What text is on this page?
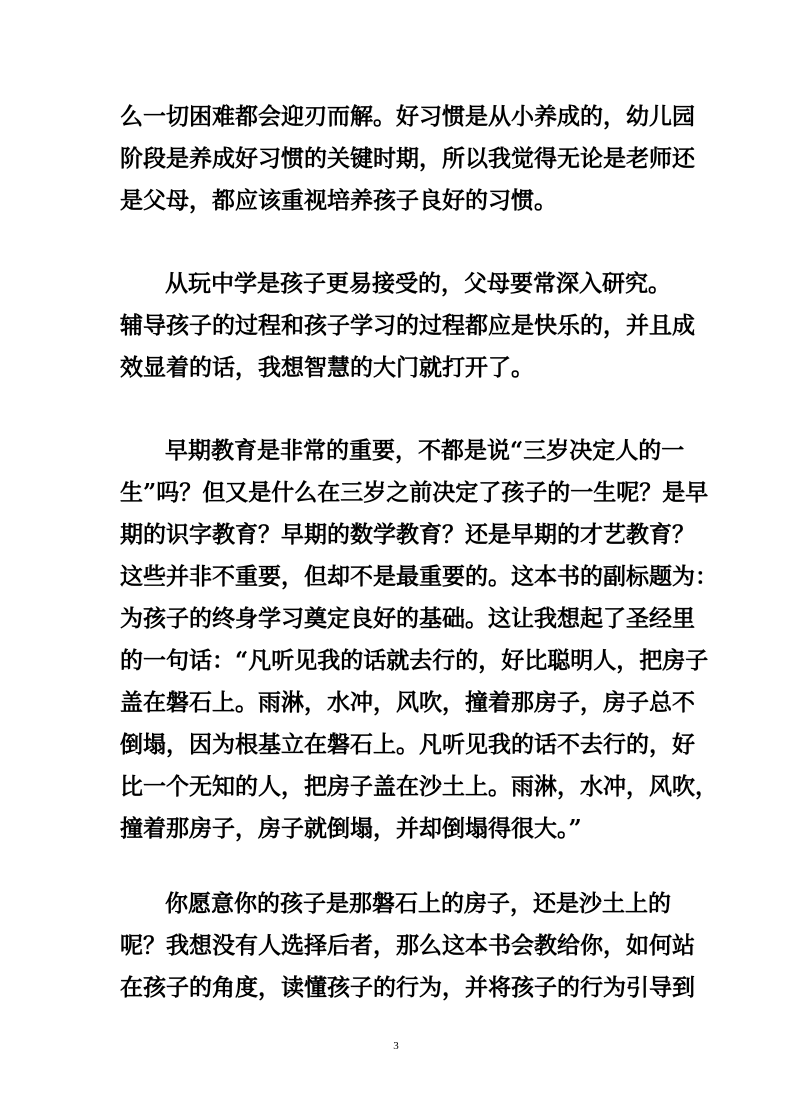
么一切困难都会迎刃而解。好习惯是从小养成的，幼儿园
阶段是养成好习惯的关键时期，所以我觉得无论是老师还
是父母，都应该重视培养孩子良好的习惯。
从玩中学是孩子更易接受的，父母要常深入研究。
辅导孩子的过程和孩子学习的过程都应是快乐的，并且成
效显着的话，我想智慧的大门就打开了。
早期教育是非常的重要，不都是说“三岁决定人的一
生”吗？但又是什么在三岁之前决定了孩子的一生呢？是早
期的识字教育？早期的数学教育？还是早期的才艺教育？
这些并非不重要，但却不是最重要的。这本书的副标题为：
为孩子的终身学习奠定良好的基础。这让我想起了圣经里
的一句话：“凡听见我的话就去行的，好比聪明人，把房子
盖在磐石上。雨淋，水冲，风吹，撞着那房子，房子总不
倒塌，因为根基立在磐石上。凡听见我的话不去行的，好
比一个无知的人，把房子盖在沙土上。雨淋，水冲，风吹，
撞着那房子，房子就倒塌，并却倒塌得很大。”
你愿意你的孩子是那磐石上的房子，还是沙土上的
呢？我想没有人选择后者，那么这本书会教给你，如何站
在孩子的角度，读懂孩子的行为，并将孩子的行为引导到
3
